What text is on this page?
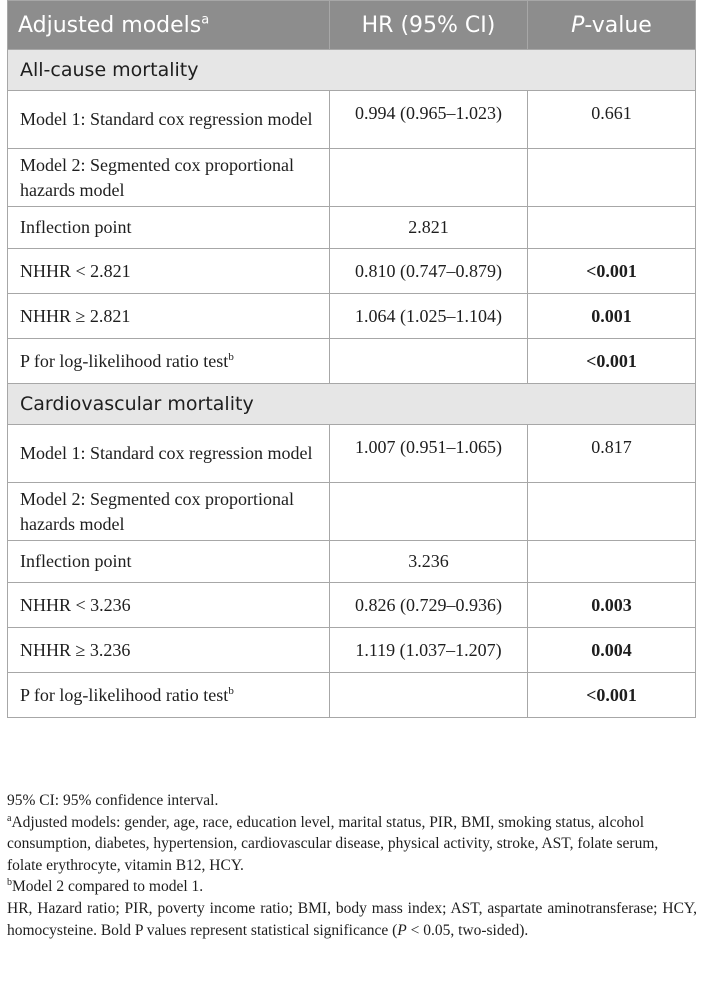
Adjusted models$^a$	HR (95% CI)	P-value
All-cause mortality		
Model 1: Standard cox regression model	0.994 (0.965–1.023)	0.661
Model 2: Segmented cox proportional hazards model		
Inflection point	2.821	
NHHR < 2.821	0.810 (0.747–0.879)	<0.001
NHHR ≥ 2.821	1.064 (1.025–1.104)	0.001
P for log-likelihood ratio test$^b$		<0.001
Cardiovascular mortality		
Model 1: Standard cox regression model	1.007 (0.951–1.065)	0.817
Model 2: Segmented cox proportional hazards model		
Inflection point	3.236	
NHHR < 3.236	0.826 (0.729–0.936)	0.003
NHHR ≥ 3.236	1.119 (1.037–1.207)	0.004
P for log-likelihood ratio test$^b$		<0.001

95% CI: 95% confidence interval.

$^a$Adjusted models: gender, age, race, education level, marital status, PIR, BMI, smoking status, alcohol consumption, diabetes, hypertension, cardiovascular disease, physical activity, stroke, AST, folate serum, folate erythrocyte, vitamin B12, HCY.

$^b$Model 2 compared to model 1.

HR, Hazard ratio; PIR, poverty income ratio; BMI, body mass index; AST, aspartate aminotransferase; HCY, homocysteine. Bold P values represent statistical significance (P < 0.05, two-sided).
